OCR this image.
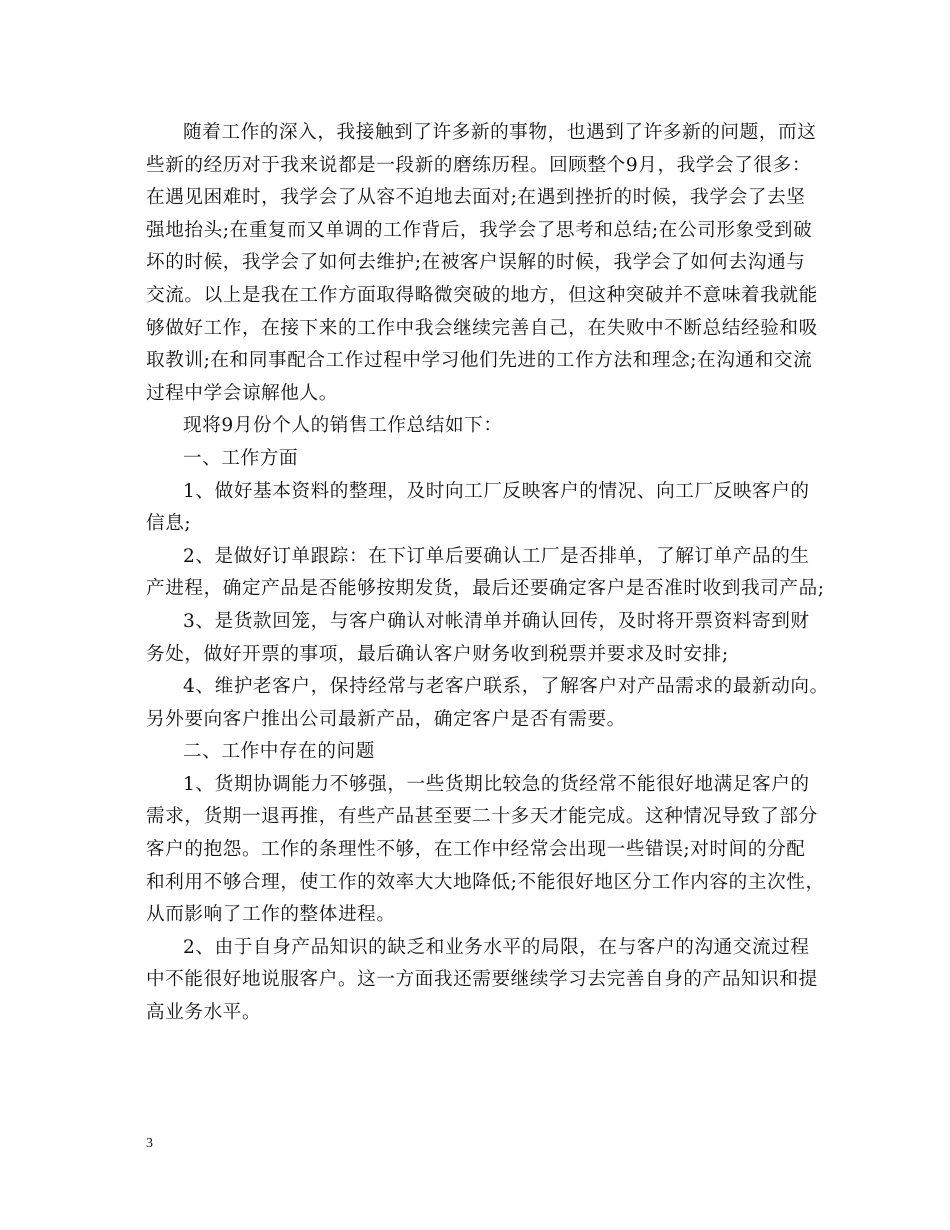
随着工作的深入，我接触到了许多新的事物，也遇到了许多新的问题，而这

些新的经历对于我来说都是一段新的磨练历程。回顾整个9月，我学会了很多：

在遇见困难时，我学会了从容不迫地去面对;在遇到挫折的时候，我学会了去坚

强地抬头;在重复而又单调的工作背后，我学会了思考和总结;在公司形象受到破

坏的时候，我学会了如何去维护;在被客户误解的时候，我学会了如何去沟通与

交流。以上是我在工作方面取得略微突破的地方，但这种突破并不意味着我就能

够做好工作，在接下来的工作中我会继续完善自己，在失败中不断总结经验和吸

取教训;在和同事配合工作过程中学习他们先进的工作方法和理念;在沟通和交流

过程中学会谅解他人。

现将9月份个人的销售工作总结如下：

一、工作方面

1、做好基本资料的整理，及时向工厂反映客户的情况、向工厂反映客户的

信息;

2、是做好订单跟踪：在下订单后要确认工厂是否排单，了解订单产品的生

产进程，确定产品是否能够按期发货，最后还要确定客户是否准时收到我司产品;

3、是货款回笼，与客户确认对帐清单并确认回传，及时将开票资料寄到财

务处，做好开票的事项，最后确认客户财务收到税票并要求及时安排;

4、维护老客户，保持经常与老客户联系，了解客户对产品需求的最新动向。

另外要向客户推出公司最新产品，确定客户是否有需要。

二、工作中存在的问题

1、货期协调能力不够强，一些货期比较急的货经常不能很好地满足客户的

需求，货期一退再推，有些产品甚至要二十多天才能完成。这种情况导致了部分

客户的抱怨。工作的条理性不够，在工作中经常会出现一些错误;对时间的分配

和利用不够合理，使工作的效率大大地降低;不能很好地区分工作内容的主次性，

从而影响了工作的整体进程。

2、由于自身产品知识的缺乏和业务水平的局限，在与客户的沟通交流过程

中不能很好地说服客户。这一方面我还需要继续学习去完善自身的产品知识和提

高业务水平。

3
